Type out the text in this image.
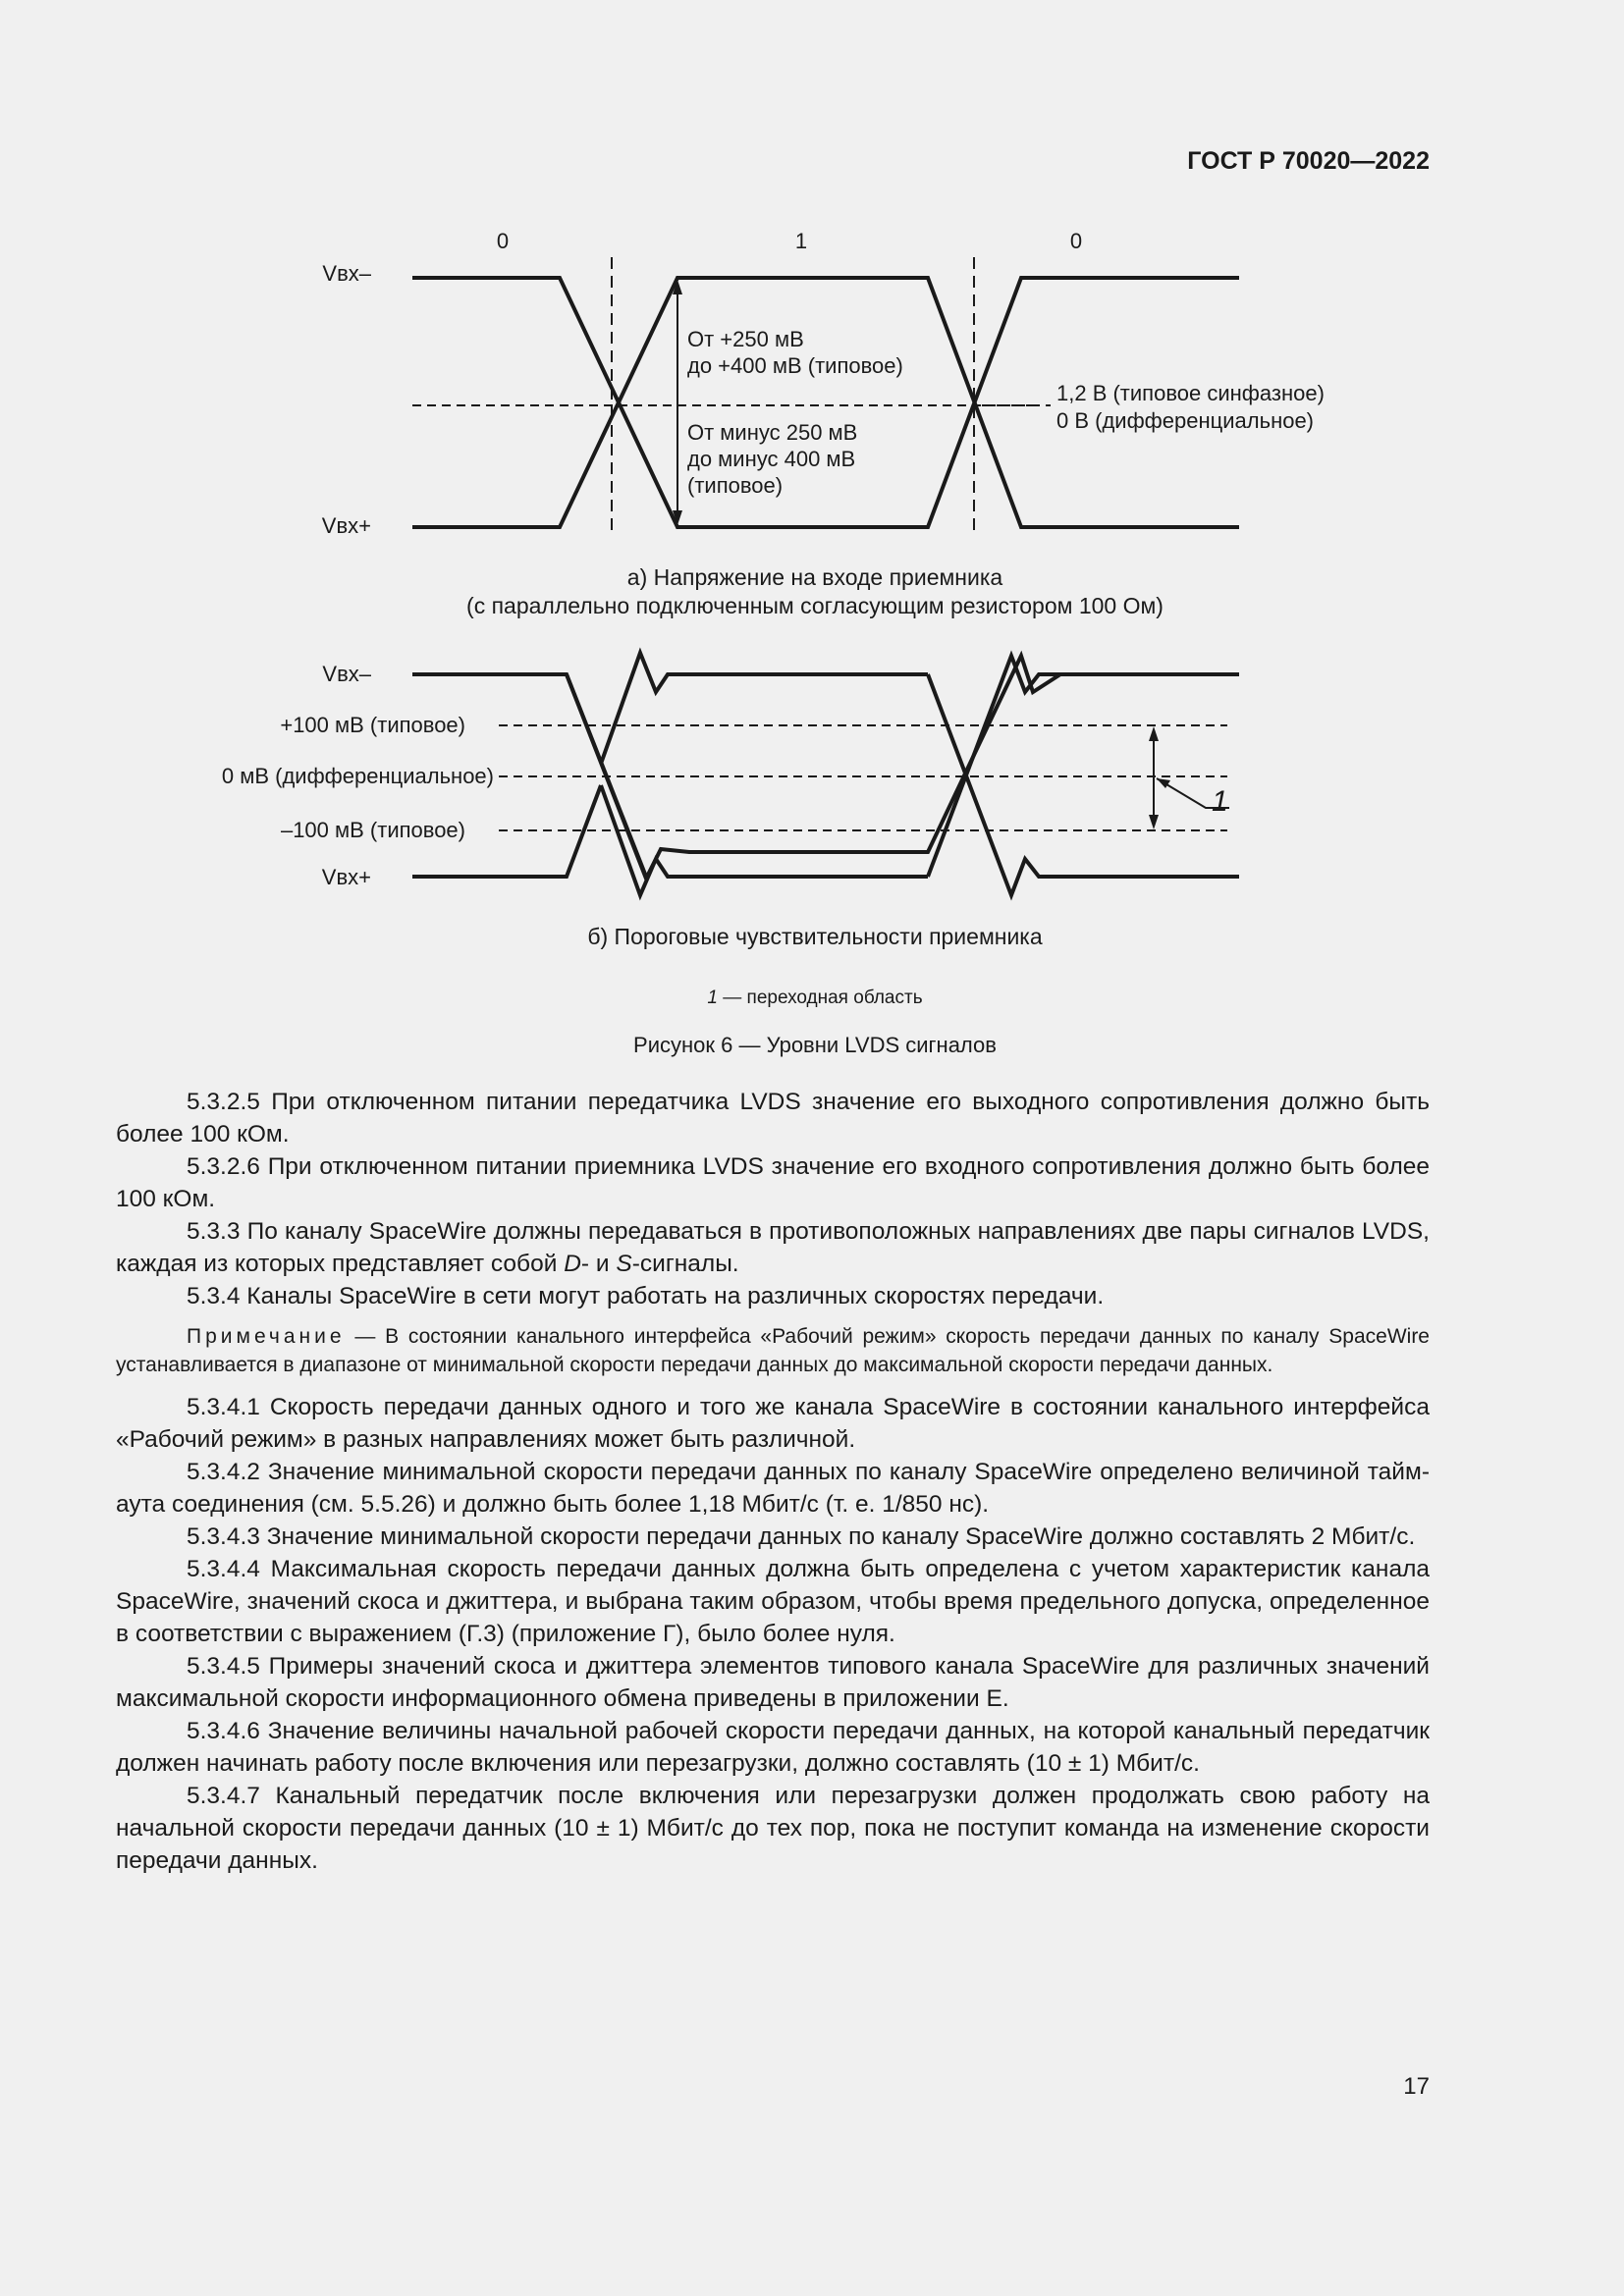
ГОСТ Р 70020—2022
0	1	0
Vвх–
Vвх+
От +250 мВ
до +400 мВ (типовое)
От минус 250 мВ
до минус 400 мВ
(типовое)
1,2 В (типовое синфазное)
0 В (дифференциальное)
Vвх–
+100 мВ (типовое)
0 мВ (дифференциальное)
–100 мВ (типовое)
Vвх+
1
а) Напряжение на входе приемника
(с параллельно подключенным согласующим резистором 100 Ом)
б) Пороговые чувствительности приемника
1 — переходная область
Рисунок 6 — Уровни LVDS сигналов

5.3.2.5 При отключенном питании передатчика LVDS значение его выходного сопротивления должно быть более 100 кОм.

5.3.2.6 При отключенном питании приемника LVDS значение его входного сопротивления должно быть более 100 кОм.

5.3.3 По каналу SpaceWire должны передаваться в противоположных направлениях две пары сигналов LVDS, каждая из которых представляет собой D- и S-сигналы.

5.3.4 Каналы SpaceWire в сети могут работать на различных скоростях передачи.

Примечание — В состоянии канального интерфейса «Рабочий режим» скорость передачи данных по каналу SpaceWire устанавливается в диапазоне от минимальной скорости передачи данных до максимальной скорости передачи данных.

5.3.4.1 Скорость передачи данных одного и того же канала SpaceWire в состоянии канального интерфейса «Рабочий режим» в разных направлениях может быть различной.

5.3.4.2 Значение минимальной скорости передачи данных по каналу SpaceWire определено величиной тайм-аута соединения (см. 5.5.26) и должно быть более 1,18 Мбит/с (т. е. 1/850 нс).

5.3.4.3 Значение минимальной скорости передачи данных по каналу SpaceWire должно составлять 2 Мбит/с.

5.3.4.4 Максимальная скорость передачи данных должна быть определена с учетом характеристик канала SpaceWire, значений скоса и джиттера, и выбрана таким образом, чтобы время предельного допуска, определенное в соответствии с выражением (Г.3) (приложение Г), было более нуля.

5.3.4.5 Примеры значений скоса и джиттера элементов типового канала SpaceWire для различных значений максимальной скорости информационного обмена приведены в приложении Е.

5.3.4.6 Значение величины начальной рабочей скорости передачи данных, на которой канальный передатчик должен начинать работу после включения или перезагрузки, должно составлять (10 ± 1) Мбит/с.

5.3.4.7 Канальный передатчик после включения или перезагрузки должен продолжать свою работу на начальной скорости передачи данных (10 ± 1) Мбит/с до тех пор, пока не поступит команда на изменение скорости передачи данных.

17
